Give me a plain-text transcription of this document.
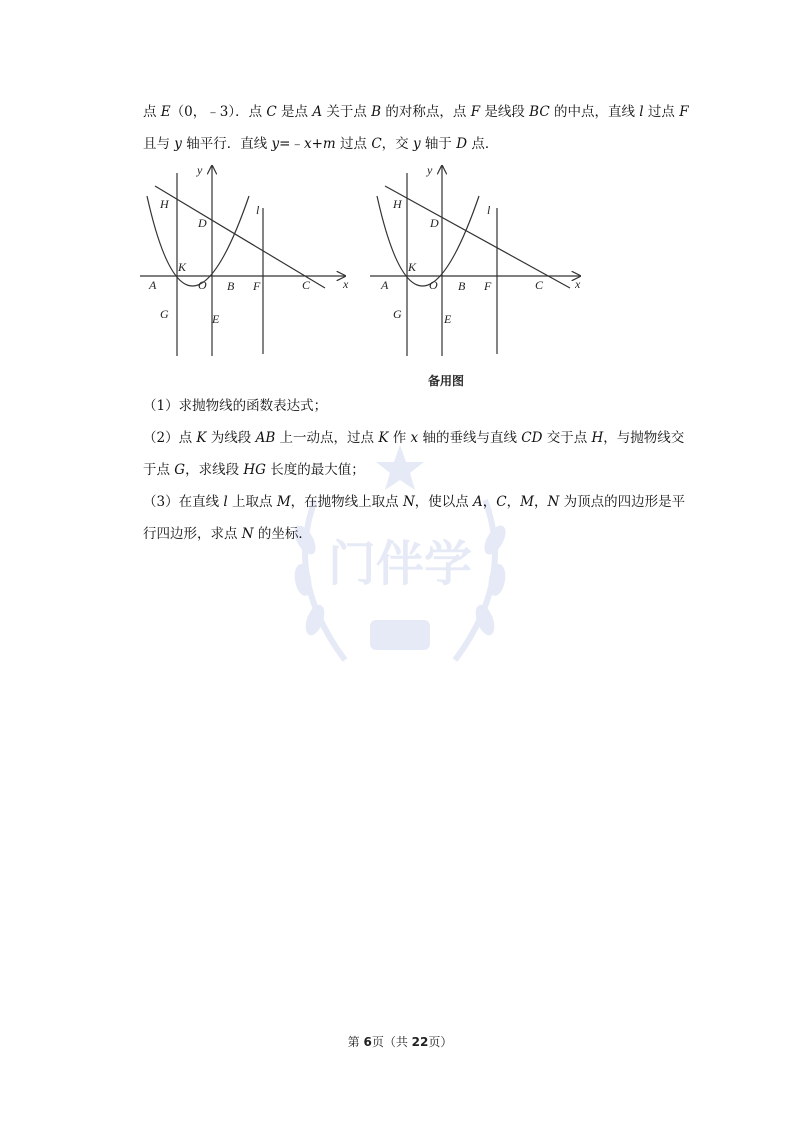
点 E（0，﹣3）．点 C 是点 A 关于点 B 的对称点，点 F 是线段 BC 的中点，直线 l 过点 F
且与 y 轴平行．直线 y=﹣x+m 过点 C，交 y 轴于 D 点．
y
x
H
D
l
K
A	O B F	C
G	E
y
x
H
D
l
K
A	O B F	C
G	E
备用图
门伴学
（1）求抛物线的函数表达式；
（2）点 K 为线段 AB 上一动点，过点 K 作 x 轴的垂线与直线 CD 交于点 H，与抛物线交
于点 G，求线段 HG 长度的最大值；
（3）在直线 l 上取点 M，在抛物线上取点 N，使以点 A，C，M，N 为顶点的四边形是平
行四边形，求点 N 的坐标．
第 6页（共 22页）
